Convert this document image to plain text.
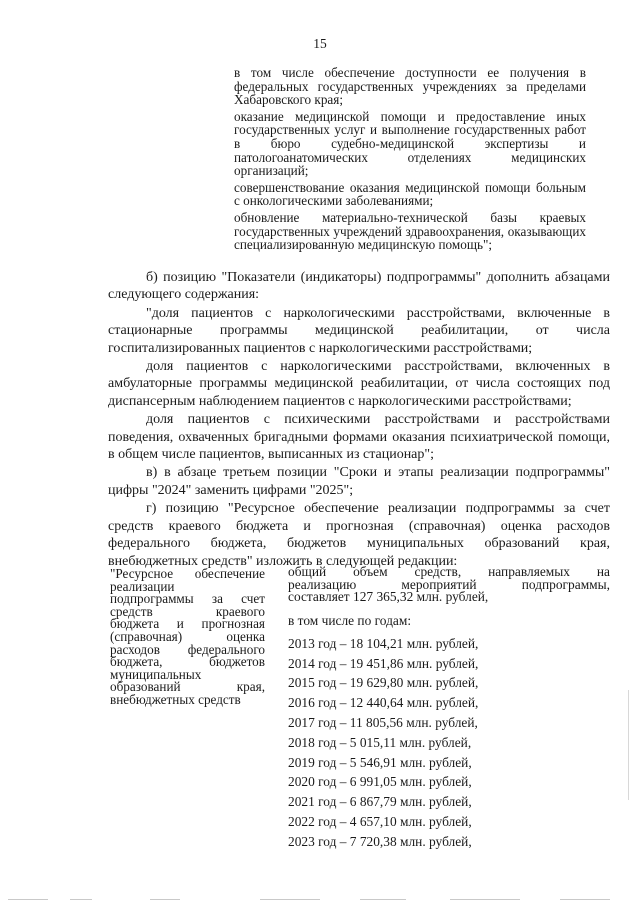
15

в том числе обеспечение доступности ее получения в федеральных государственных учреждениях за пределами Хабаровского края;

оказание медицинской помощи и предоставление иных государственных услуг и выполнение государственных работ в бюро судебно-медицинской экспертизы и патологоанатомических отделениях	медицинских организаций;

совершенствование оказания медицинской помощи больным с онкологическими заболеваниями;

обновление материально-технической базы краевых государственных учреждений здравоохранения, оказывающих специализированную медицинскую помощь";

б) позицию "Показатели (индикаторы) подпрограммы" дополнить абзацами следующего содержания:

"доля пациентов с наркологическими расстройствами, включенные в стационарные программы медицинской реабилитации, от числа госпитализированных пациентов с наркологическими расстройствами;

доля пациентов с наркологическими расстройствами, включенных в амбулаторные программы медицинской реабилитации, от числа состоящих под диспансерным наблюдением пациентов с наркологическими расстройствами;

доля пациентов с психическими расстройствами и расстройствами поведения, охваченных бригадными формами оказания психиатрической помощи, в общем числе пациентов, выписанных из стационар";

в) в абзаце третьем позиции "Сроки и этапы реализации подпрограммы" цифры "2024" заменить цифрами "2025";

г) позицию "Ресурсное обеспечение реализации подпрограммы за счет средств краевого бюджета и прогнозная (справочная) оценка расходов федерального бюджета, бюджетов муниципальных образований края, внебюджетных средств" изложить в следующей редакции:

"Ресурсное обеспечение
реализации
подпрограммы за счет
средств краевого
бюджета и прогнозная
(справочная) оценка
расходов федерального
бюджета, бюджетов
муниципальных
образований края,
внебюджетных средств
общий объем средств, направляемых на
реализацию мероприятий подпрограммы,
составляет 127 365,32 млн. рублей,
в том числе по годам:
2013 год – 18 104,21 млн. рублей,
2014 год – 19 451,86 млн. рублей,
2015 год – 19 629,80 млн. рублей,
2016 год – 12 440,64 млн. рублей,
2017 год – 11 805,56 млн. рублей,
2018 год – 5 015,11 млн. рублей,
2019 год – 5 546,91 млн. рублей,
2020 год – 6 991,05 млн. рублей,
2021 год – 6 867,79 млн. рублей,
2022 год – 4 657,10 млн. рублей,
2023 год – 7 720,38 млн. рублей,
